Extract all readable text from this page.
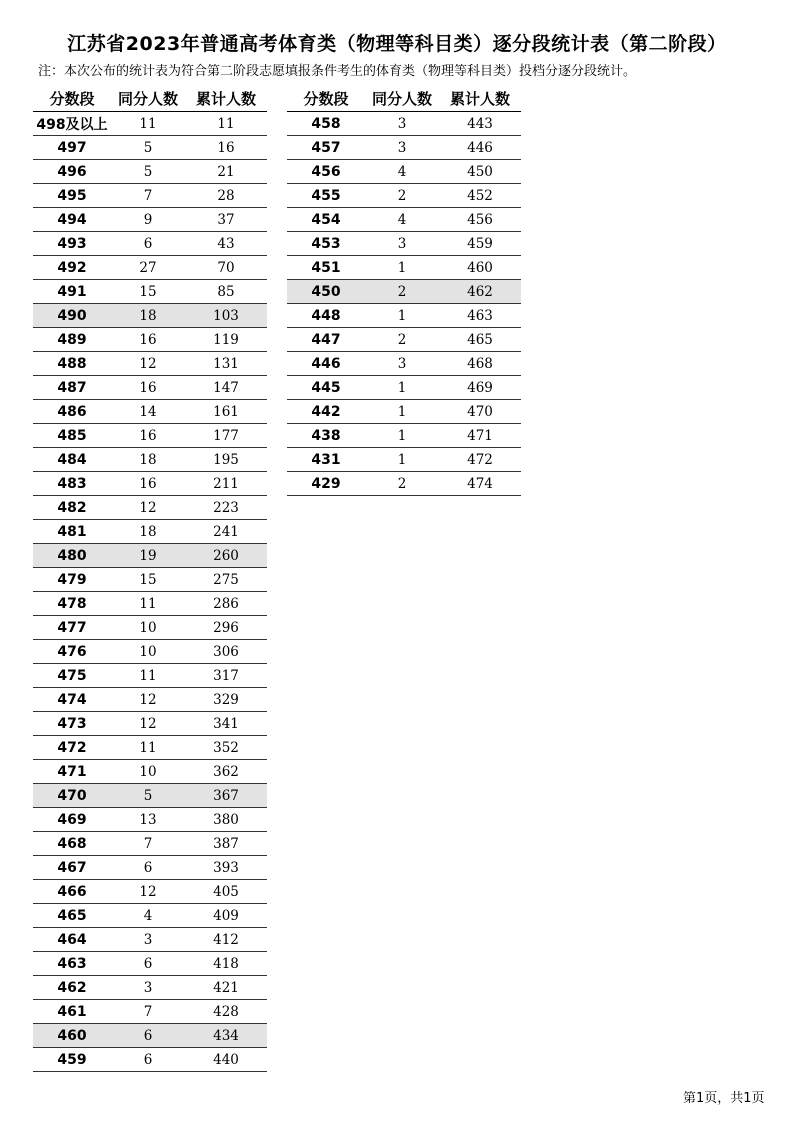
江苏省2023年普通高考体育类（物理等科目类）逐分段统计表（第二阶段）
注：本次公布的统计表为符合第二阶段志愿填报条件考生的体育类（物理等科目类）投档分逐分段统计。
分数段	同分人数	累计人数
498及以上	11	11
497	5	16
496	5	21
495	7	28
494	9	37
493	6	43
492	27	70
491	15	85
490	18	103
489	16	119
488	12	131
487	16	147
486	14	161
485	16	177
484	18	195
483	16	211
482	12	223
481	18	241
480	19	260
479	15	275
478	11	286
477	10	296
476	10	306
475	11	317
474	12	329
473	12	341
472	11	352
471	10	362
470	5	367
469	13	380
468	7	387
467	6	393
466	12	405
465	4	409
464	3	412
463	6	418
462	3	421
461	7	428
460	6	434
459	6	440
分数段	同分人数	累计人数
458	3	443
457	3	446
456	4	450
455	2	452
454	4	456
453	3	459
451	1	460
450	2	462
448	1	463
447	2	465
446	3	468
445	1	469
442	1	470
438	1	471
431	1	472
429	2	474
第1页，共1页
